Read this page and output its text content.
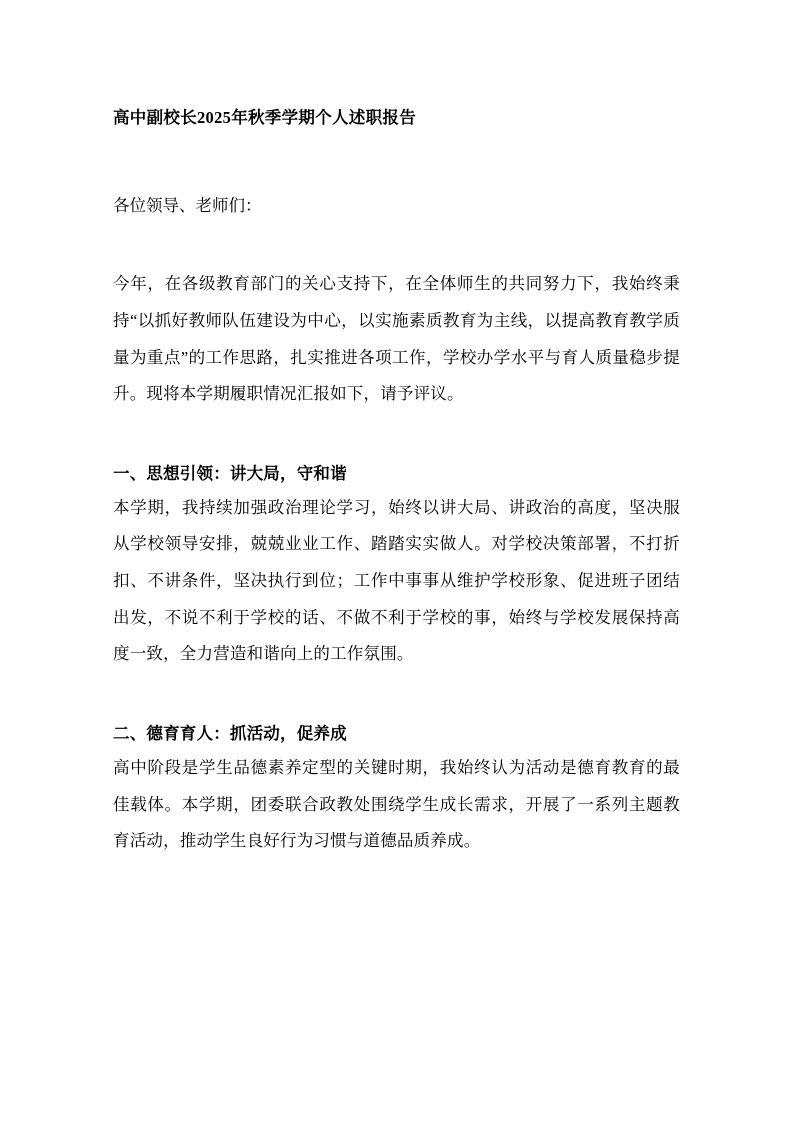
高中副校长2025年秋季学期个人述职报告

各位领导、老师们：

今年，在各级教育部门的关心支持下，在全体师生的共同努力下，我始终秉持“以抓好教师队伍建设为中心，以实施素质教育为主线，以提高教育教学质量为重点”的工作思路，扎实推进各项工作，学校办学水平与育人质量稳步提升。现将本学期履职情况汇报如下，请予评议。

一、思想引领：讲大局，守和谐

本学期，我持续加强政治理论学习，始终以讲大局、讲政治的高度，坚决服从学校领导安排，兢兢业业工作、踏踏实实做人。对学校决策部署，不打折扣、不讲条件，坚决执行到位；工作中事事从维护学校形象、促进班子团结出发，不说不利于学校的话、不做不利于学校的事，始终与学校发展保持高度一致，全力营造和谐向上的工作氛围。

二、德育育人：抓活动，促养成

高中阶段是学生品德素养定型的关键时期，我始终认为活动是德育教育的最佳载体。本学期，团委联合政教处围绕学生成长需求，开展了一系列主题教育活动，推动学生良好行为习惯与道德品质养成。
